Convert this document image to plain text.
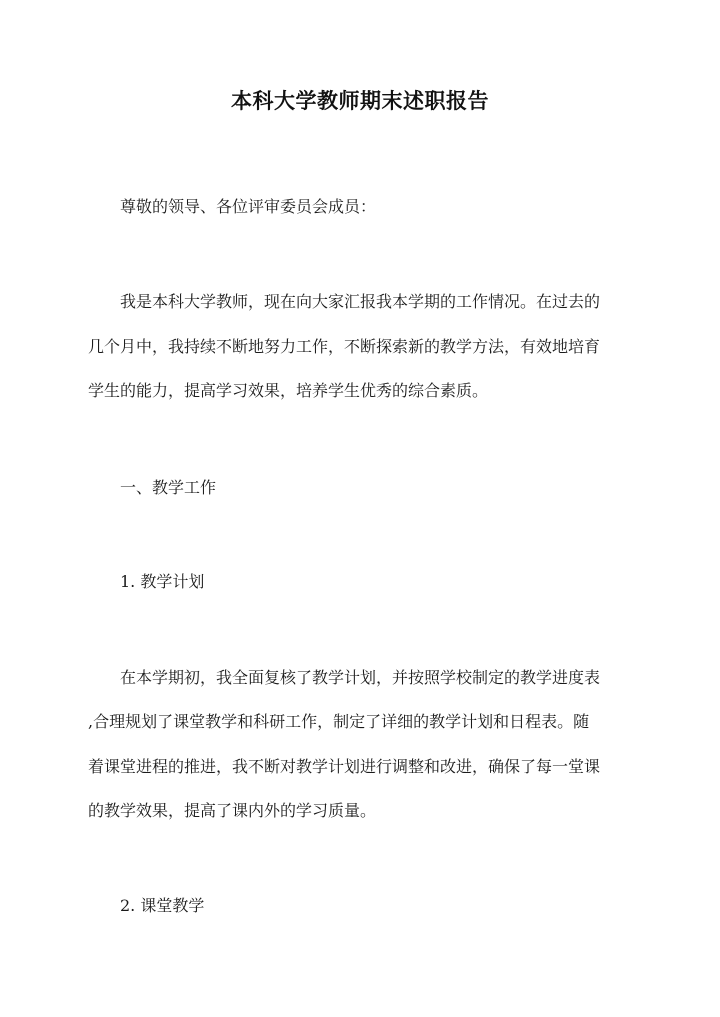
本科大学教师期末述职报告
尊敬的领导、各位评审委员会成员：
我是本科大学教师，现在向大家汇报我本学期的工作情况。在过去的
几个月中，我持续不断地努力工作，不断探索新的教学方法，有效地培育
学生的能力，提高学习效果，培养学生优秀的综合素质。
一、教学工作
1. 教学计划
在本学期初，我全面复核了教学计划，并按照学校制定的教学进度表
,合理规划了课堂教学和科研工作，制定了详细的教学计划和日程表。随
着课堂进程的推进，我不断对教学计划进行调整和改进，确保了每一堂课
的教学效果，提高了课内外的学习质量。
2. 课堂教学
